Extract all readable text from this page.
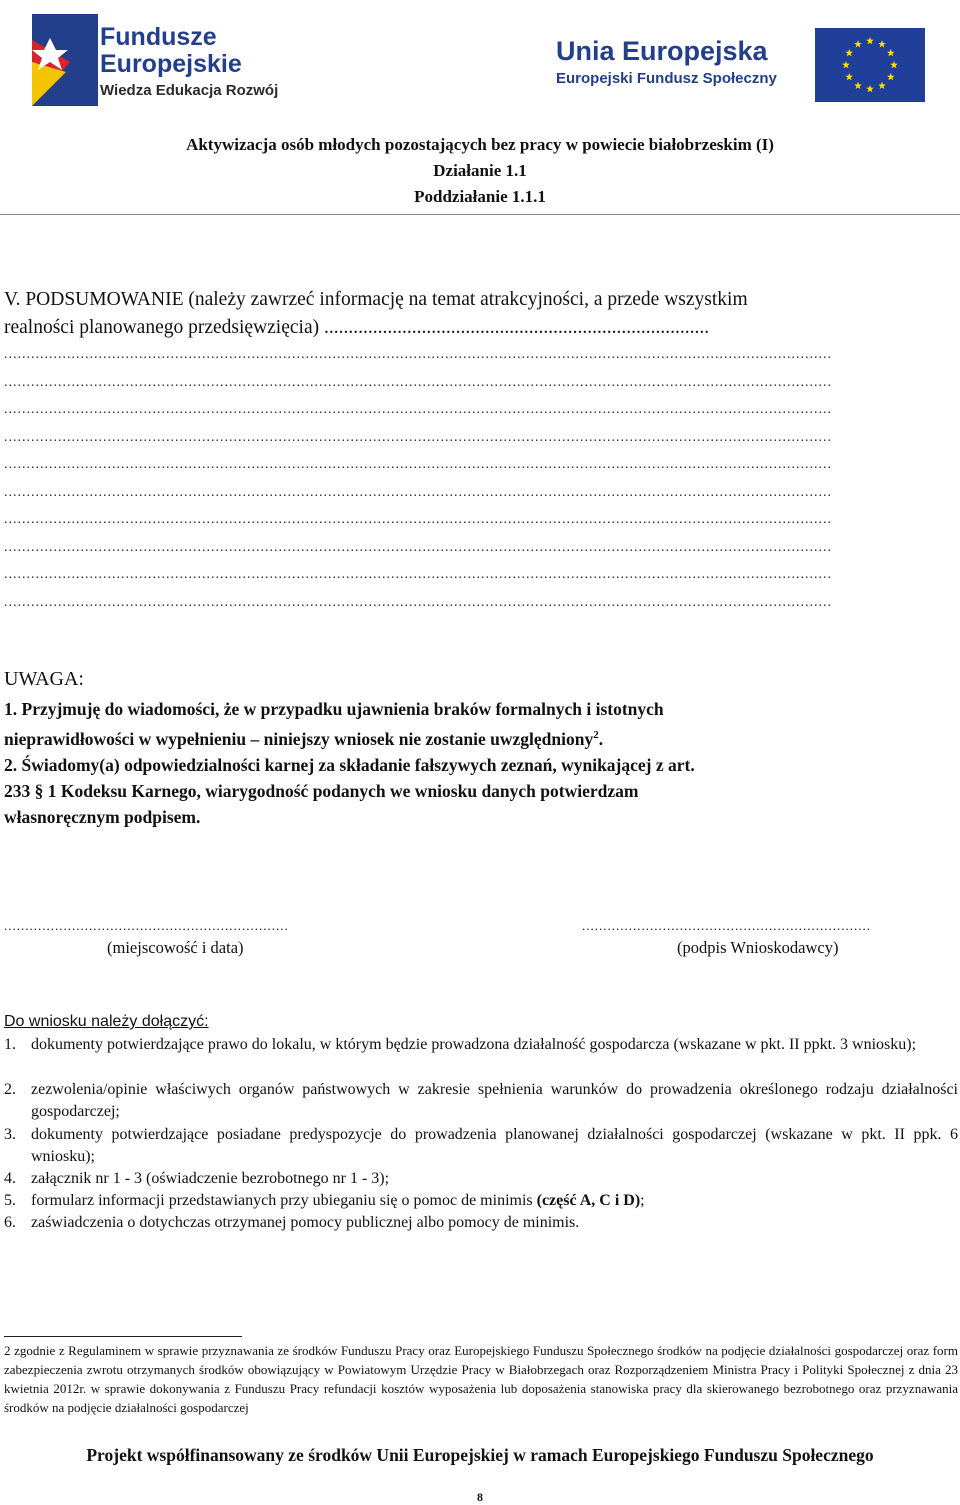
Fundusze
Europejskie
Wiedza Edukacja Rozwój
Unia Europejska
Europejski Fundusz Społeczny
Aktywizacja osób młodych pozostających bez pracy w powiecie białobrzeskim (I)
Działanie 1.1
Poddziałanie 1.1.1
V. PODSUMOWANIE (należy zawrzeć informację na temat atrakcyjności, a przede wszystkim
realności planowanego przedsięwzięcia) ...............................................................................
........................................................................................................................................................................................
........................................................................................................................................................................................
........................................................................................................................................................................................
........................................................................................................................................................................................
........................................................................................................................................................................................
........................................................................................................................................................................................
........................................................................................................................................................................................
........................................................................................................................................................................................
........................................................................................................................................................................................
........................................................................................................................................................................................
UWAGA:
1. Przyjmuję do wiadomości, że w przypadku ujawnienia braków formalnych i istotnych
nieprawidłowości w wypełnieniu – niniejszy wniosek nie zostanie uwzględniony$^2$.
2. Świadomy(a) odpowiedzialności karnej za składanie fałszywych zeznań, wynikającej z art.
233 § 1 Kodeksu Karnego, wiarygodność podanych we wniosku danych potwierdzam
własnoręcznym podpisem.
...................................................................
(miejscowość i data)
....................................................................
(podpis Wnioskodawcy)
Do wniosku należy dołączyć:
1. dokumenty potwierdzające prawo do lokalu, w którym będzie prowadzona działalność gospodarcza (wskazane w pkt. II ppkt. 3 wniosku);
2. zezwolenia/opinie właściwych organów państwowych w zakresie spełnienia warunków do prowadzenia określonego rodzaju działalności gospodarczej;
3. dokumenty potwierdzające posiadane predyspozycje do prowadzenia planowanej działalności gospodarczej (wskazane w pkt. II ppk. 6 wniosku);
4. załącznik nr 1 - 3 (oświadczenie bezrobotnego nr 1 - 3);
5. formularz informacji przedstawianych przy ubieganiu się o pomoc de minimis (część A, C i D);
6. zaświadczenia o dotychczas otrzymanej pomocy publicznej albo pomocy de minimis.
2 zgodnie z Regulaminem w sprawie przyznawania ze środków Funduszu Pracy oraz Europejskiego Funduszu Społecznego środków na podjęcie działalności gospodarczej oraz form zabezpieczenia zwrotu otrzymanych środków obowiązujący w Powiatowym Urzędzie Pracy w Białobrzegach oraz Rozporządzeniem Ministra Pracy i Polityki Społecznej z dnia 23 kwietnia 2012r. w sprawie dokonywania z Funduszu Pracy refundacji kosztów wyposażenia lub doposażenia stanowiska pracy dla skierowanego bezrobotnego oraz przyznawania środków na podjęcie działalności gospodarczej
Projekt współfinansowany ze środków Unii Europejskiej w ramach Europejskiego Funduszu Społecznego
8
